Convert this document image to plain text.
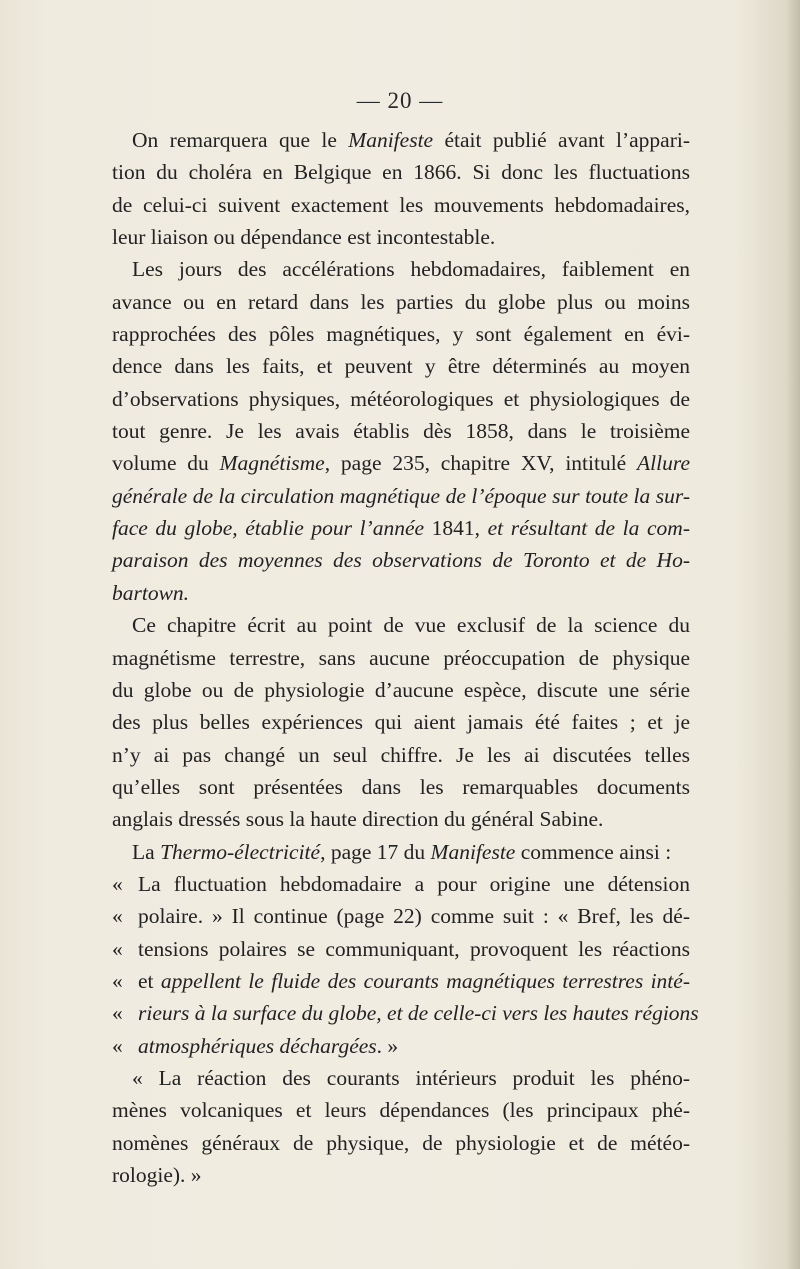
— 20 —
On remarquera que le Manifeste était publié avant l’appari-
tion du choléra en Belgique en 1866. Si donc les fluctuations
de celui-ci suivent exactement les mouvements hebdomadaires,
leur liaison ou dépendance est incontestable.
Les jours des accélérations hebdomadaires, faiblement en
avance ou en retard dans les parties du globe plus ou moins
rapprochées des pôles magnétiques, y sont également en évi-
dence dans les faits, et peuvent y être déterminés au moyen
d’observations physiques, météorologiques et physiologiques de
tout genre. Je les avais établis dès 1858, dans le troisième
volume du Magnétisme, page 235, chapitre XV, intitulé Allure
générale de la circulation magnétique de l’époque sur toute la sur-
face du globe, établie pour l’année 1841, et résultant de la com-
paraison des moyennes des observations de Toronto et de Ho-
bartown.
Ce chapitre écrit au point de vue exclusif de la science du
magnétisme terrestre, sans aucune préoccupation de physique
du globe ou de physiologie d’aucune espèce, discute une série
des plus belles expériences qui aient jamais été faites ; et je
n’y ai pas changé un seul chiffre. Je les ai discutées telles
qu’elles sont présentées dans les remarquables documents
anglais dressés sous la haute direction du général Sabine.
La Thermo-électricité, page 17 du Manifeste commence ainsi :
« La fluctuation hebdomadaire a pour origine une détension
« polaire. » Il continue (page 22) comme suit : « Bref, les dé-
« tensions polaires se communiquant, provoquent les réactions
« et appellent le fluide des courants magnétiques terrestres inté-
« rieurs à la surface du globe, et de celle-ci vers les hautes régions
« atmosphériques déchargées. »
« La réaction des courants intérieurs produit les phéno-
mènes volcaniques et leurs dépendances (les principaux phé-
nomènes généraux de physique, de physiologie et de météo-
rologie). »
